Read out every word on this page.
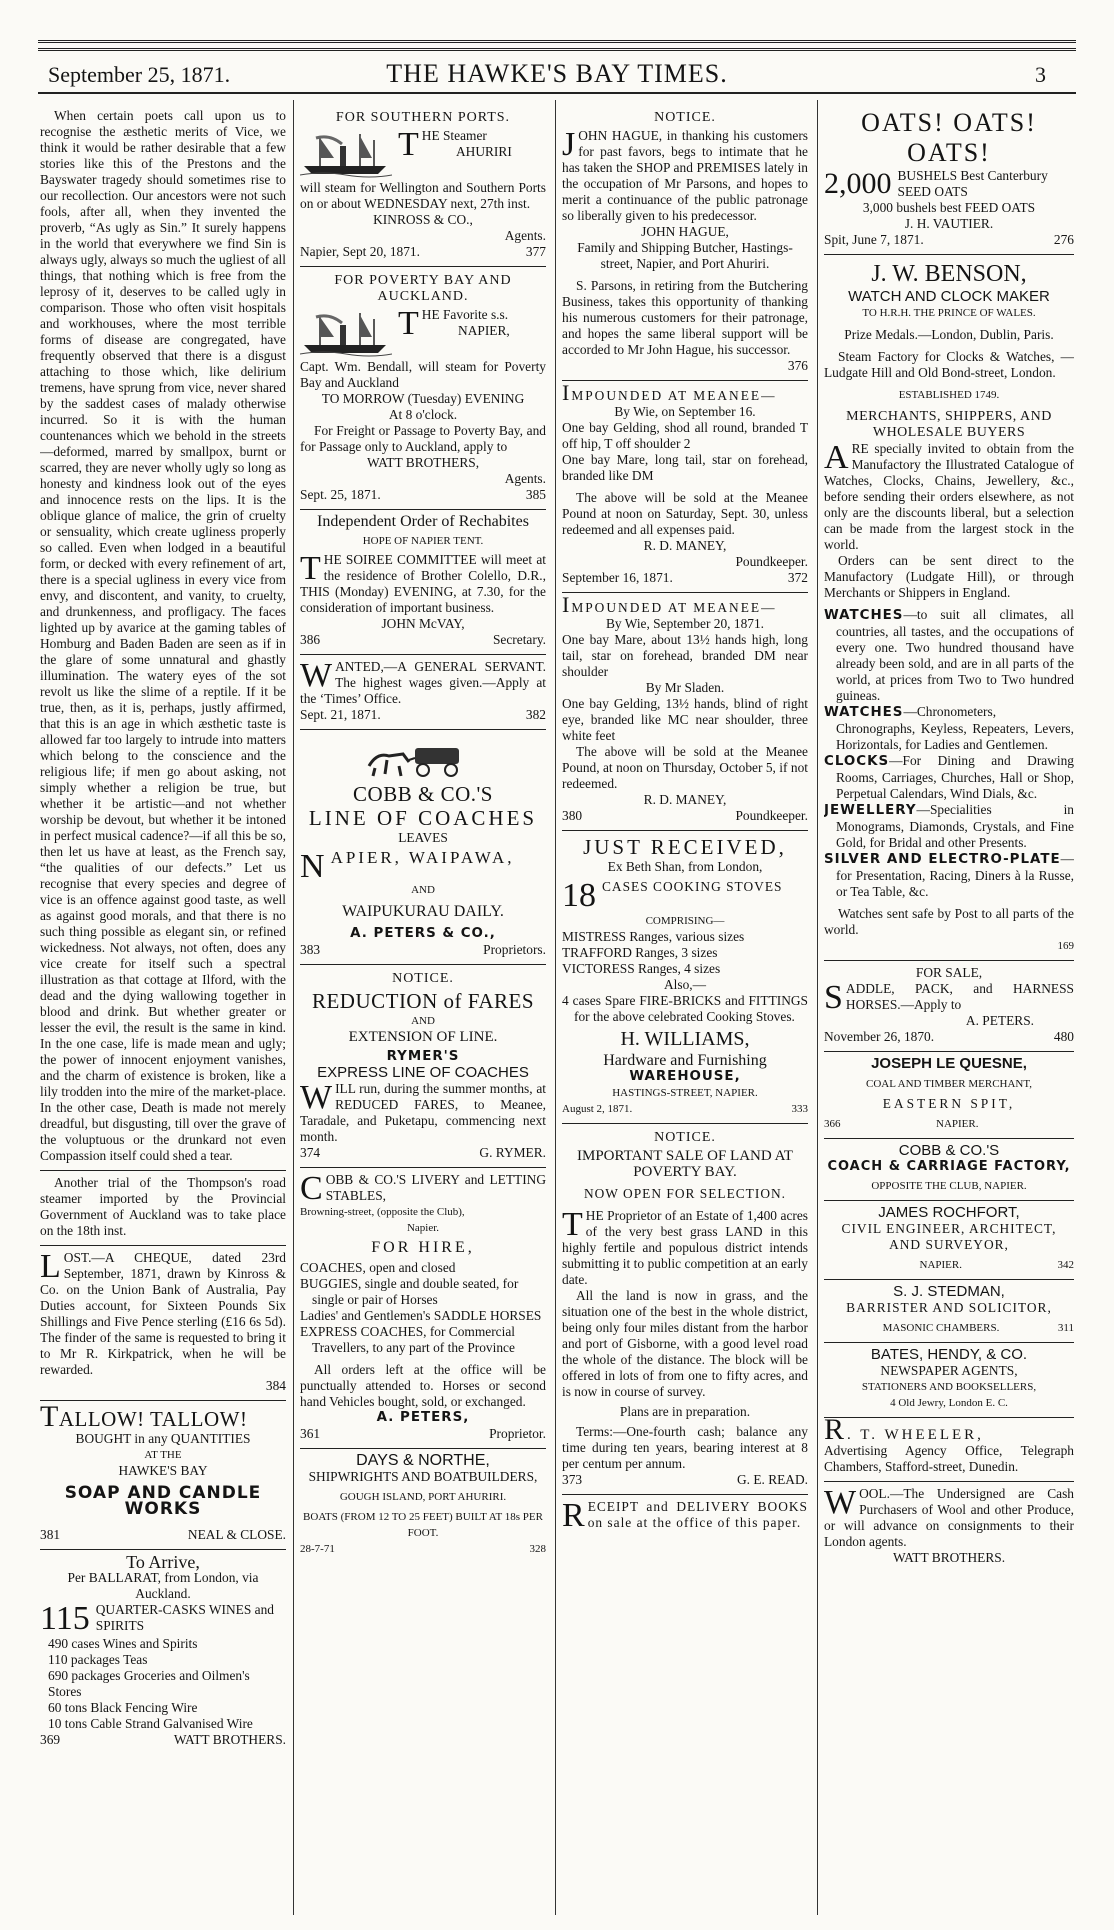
September 25, 1871.	THE HAWKE'S BAY TIMES.	3

When certain poets call upon us to recognise the æsthetic merits of Vice, we think it would be rather desirable that a few stories like this of the Prestons and the Bayswater tragedy should sometimes rise to our recollection. Our ancestors were not such fools, after all, when they invented the proverb, “As ugly as Sin.” It surely happens in the world that everywhere we find Sin is always ugly, always so much the ugliest of all things, that nothing which is free from the leprosy of it, deserves to be called ugly in comparison. Those who often visit hospitals and workhouses, where the most terrible forms of disease are congregated, have frequently observed that there is a disgust attaching to those which, like delirium tremens, have sprung from vice, never shared by the saddest cases of malady otherwise incurred. So it is with the human countenances which we behold in the streets—deformed, marred by smallpox, burnt or scarred, they are never wholly ugly so long as honesty and kindness look out of the eyes and innocence rests on the lips. It is the oblique glance of malice, the grin of cruelty or sensuality, which create ugliness properly so called. Even when lodged in a beautiful form, or decked with every refinement of art, there is a special ugliness in every vice from envy, and discontent, and vanity, to cruelty, and drunkenness, and profligacy. The faces lighted up by avarice at the gaming tables of Homburg and Baden Baden are seen as if in the glare of some unnatural and ghastly illumination. The watery eyes of the sot revolt us like the slime of a reptile. If it be true, then, as it is, perhaps, justly affirmed, that this is an age in which æsthetic taste is allowed far too largely to intrude into matters which belong to the conscience and the religious life; if men go about asking, not simply whether a religion be true, but whether it be artistic—and not whether worship be devout, but whether it be intoned in perfect musical cadence?—if all this be so, then let us have at least, as the French say, “the qualities of our defects.” Let us recognise that every species and degree of vice is an offence against good taste, as well as against good morals, and that there is no such thing possible as elegant sin, or refined wickedness. Not always, not often, does any vice create for itself such a spectral illustration as that cottage at Ilford, with the dead and the dying wallowing together in blood and drink. But whether greater or lesser the evil, the result is the same in kind. In the one case, life is made mean and ugly; the power of innocent enjoyment vanishes, and the charm of existence is broken, like a lily trodden into the mire of the market-place. In the other case, Death is made not merely dreadful, but disgusting, till over the grave of the voluptuous or the drunkard not even Compassion itself could shed a tear.

Another trial of the Thompson's road steamer imported by the Provincial Government of Auckland was to take place on the 18th inst.

L OST.—A CHEQUE, dated 23rd September, 1871, drawn by Kinross & Co. on the Union Bank of Australia, Pay Duties account, for Sixteen Pounds Six Shillings and Five Pence sterling (£16 6s 5d). The finder of the same is requested to bring it to Mr R. Kirkpatrick, when he will be rewarded.

384
TALLOW! TALLOW!
BOUGHT in any QUANTITIES
AT THE
HAWKE'S BAY
SOAP AND CANDLE WORKS
381	NEAL & CLOSE.
To Arrive,
Per BALLARAT, from London, via Auckland.
115 QUARTER-CASKS WINES and SPIRITS
490 cases Wines and Spirits
110 packages Teas
690 packages Groceries and Oilmen's Stores
60 tons Black Fencing Wire
10 tons Cable Strand Galvanised Wire
369	WATT BROTHERS.
FOR SOUTHERN PORTS.
THE Steamer
AHURIRI

will steam for Wellington and Southern Ports on or about WEDNESDAY next, 27th inst.

KINROSS & CO.,
Agents.
Napier, Sept 20, 1871.	377
FOR POVERTY BAY AND AUCKLAND.
THE Favorite s.s.
NAPIER,

Capt. Wm. Bendall, will steam for Poverty Bay and Auckland

TO MORROW (Tuesday) EVENING
At 8 o'clock.

For Freight or Passage to Poverty Bay, and for Passage only to Auckland, apply to

WATT BROTHERS,
Agents.
Sept. 25, 1871.	385
Independent Order of Rechabites
HOPE OF NAPIER TENT.
T HE SOIREE COMMITTEE will meet at the residence of Brother Colello, D.R., THIS (Monday) EVENING, at 7.30, for the consideration of important business.

JOHN McVAY,
386	Secretary.
W ANTED,—A GENERAL SERVANT. The highest wages given.—Apply at the ‘Times’ Office.

Sept. 21, 1871.	382
COBB & CO.'S
LINE OF COACHES
LEAVES
NAPIER, WAIPAWA,
AND
WAIPUKURAU DAILY.
A. PETERS & CO.,
383	Proprietors.
NOTICE.
REDUCTION of FARES
AND
EXTENSION OF LINE.
RYMER'S
EXPRESS LINE OF COACHES
W ILL run, during the summer months, at REDUCED FARES, to Meanee, Taradale, and Puketapu, commencing next month.

374	G. RYMER.
C OBB & CO.'S LIVERY and LETTING STABLES,

Browning-street, (opposite the Club),
Napier.
FOR HIRE,
COACHES, open and closed
BUGGIES, single and double seated, for single or pair of Horses
Ladies' and Gentlemen's SADDLE HORSES
EXPRESS COACHES, for Commercial Travellers, to any part of the Province

All orders left at the office will be punctually attended to. Horses or second hand Vehicles bought, sold, or exchanged.

A. PETERS,
361	Proprietor.
DAYS & NORTHE,
SHIPWRIGHTS AND BOATBUILDERS,
GOUGH ISLAND, PORT AHURIRI.
BOATS (FROM 12 TO 25 FEET) BUILT AT 18s PER FOOT.
28-7-71	328
NOTICE.
J OHN HAGUE, in thanking his customers for past favors, begs to intimate that he has taken the SHOP and PREMISES lately in the occupation of Mr Parsons, and hopes to merit a continuance of the public patronage so liberally given to his predecessor.

JOHN HAGUE,

Family and Shipping Butcher, Hastings-street, Napier, and Port Ahuriri.

S. Parsons, in retiring from the Butchering Business, takes this opportunity of thanking his numerous customers for their patronage, and hopes the same liberal support will be accorded to Mr John Hague, his successor.

376
IMPOUNDED AT MEANEE—
By Wie, on September 16.

One bay Gelding, shod all round, branded T off hip, T off shoulder 2

One bay Mare, long tail, star on forehead, branded like DM

The above will be sold at the Meanee Pound at noon on Saturday, Sept. 30, unless redeemed and all expenses paid.

R. D. MANEY,
Poundkeeper.
September 16, 1871.	372
IMPOUNDED AT MEANEE—
By Wie, September 20, 1871.

One bay Mare, about 13½ hands high, long tail, star on forehead, branded DM near shoulder

By Mr Sladen.

One bay Gelding, 13½ hands, blind of right eye, branded like MC near shoulder, three white feet

The above will be sold at the Meanee Pound, at noon on Thursday, October 5, if not redeemed.

R. D. MANEY,
380	Poundkeeper.
JUST RECEIVED,
Ex Beth Shan, from London,
18 CASES COOKING STOVES
COMPRISING—
MISTRESS Ranges, various sizes
TRAFFORD Ranges, 3 sizes
VICTORESS Ranges, 4 sizes
Also,—

4 cases Spare FIRE-BRICKS and FITTINGS for the above celebrated Cooking Stoves.

H. WILLIAMS,
Hardware and Furnishing
WAREHOUSE,
HASTINGS-STREET, NAPIER.
August 2, 1871.	333
NOTICE.
IMPORTANT SALE OF LAND AT POVERTY BAY.
NOW OPEN FOR SELECTION.
T HE Proprietor of an Estate of 1,400 acres of the very best grass LAND in this highly fertile and populous district intends submitting it to public competition at an early date.

All the land is now in grass, and the situation one of the best in the whole district, being only four miles distant from the harbor and port of Gisborne, with a good level road the whole of the distance. The block will be offered in lots of from one to fifty acres, and is now in course of survey.

Plans are in preparation.

Terms:—One-fourth cash; balance any time during ten years, bearing interest at 8 per centum per annum.

373	G. E. READ.
R ECEIPT and DELIVERY BOOKS on sale at the office of this paper.

OATS! OATS! OATS!
2,000 BUSHELS Best Canterbury SEED OATS
3,000 bushels best FEED OATS
J. H. VAUTIER.
Spit, June 7, 1871.	276
J. W. BENSON,
WATCH AND CLOCK MAKER
TO H.R.H. THE PRINCE OF WALES.
Prize Medals.—London, Dublin, Paris.

Steam Factory for Clocks & Watches, —Ludgate Hill and Old Bond-street, London.

ESTABLISHED 1749.
MERCHANTS, SHIPPERS, AND WHOLESALE BUYERS
A RE specially invited to obtain from the Manufactory the Illustrated Catalogue of Watches, Clocks, Chains, Jewellery, &c., before sending their orders elsewhere, as not only are the discounts liberal, but a selection can be made from the largest stock in the world.

Orders can be sent direct to the Manufactory (Ludgate Hill), or through Merchants or Shippers in England.

WATCHES—to suit all climates, all countries, all tastes, and the occupations of every one. Two hundred thousand have already been sold, and are in all parts of the world, at prices from Two to Two hundred guineas.

WATCHES—Chronometers, Chronographs, Keyless, Repeaters, Levers, Horizontals, for Ladies and Gentlemen.

CLOCKS—For Dining and Drawing Rooms, Carriages, Churches, Hall or Shop, Perpetual Calendars, Wind Dials, &c.

JEWELLERY—Specialities in Monograms, Diamonds, Crystals, and Fine Gold, for Bridal and other Presents.

SILVER AND ELECTRO-PLATE—for Presentation, Racing, Diners à la Russe, or Tea Table, &c.

Watches sent safe by Post to all parts of the world.

169
FOR SALE,
S ADDLE, PACK, and HARNESS HORSES.—Apply to

A. PETERS.
November 26, 1870.	480
JOSEPH LE QUESNE,
COAL AND TIMBER MERCHANT,
EASTERN SPIT,
366	NAPIER.
COBB & CO.'S
COACH & CARRIAGE FACTORY,
OPPOSITE THE CLUB, NAPIER.
JAMES ROCHFORT,
CIVIL ENGINEER, ARCHITECT, AND SURVEYOR,
NAPIER.	342
S. J. STEDMAN,
BARRISTER AND SOLICITOR,
MASONIC CHAMBERS.	311
BATES, HENDY, & CO.
NEWSPAPER AGENTS,
STATIONERS AND BOOKSELLERS,
4 Old Jewry, London E. C.
R. T. WHEELER,

Advertising Agency Office, Telegraph Chambers, Stafford-street, Dunedin.

W OOL.—The Undersigned are Cash Purchasers of Wool and other Produce, or will advance on consignments to their London agents.

WATT BROTHERS.
